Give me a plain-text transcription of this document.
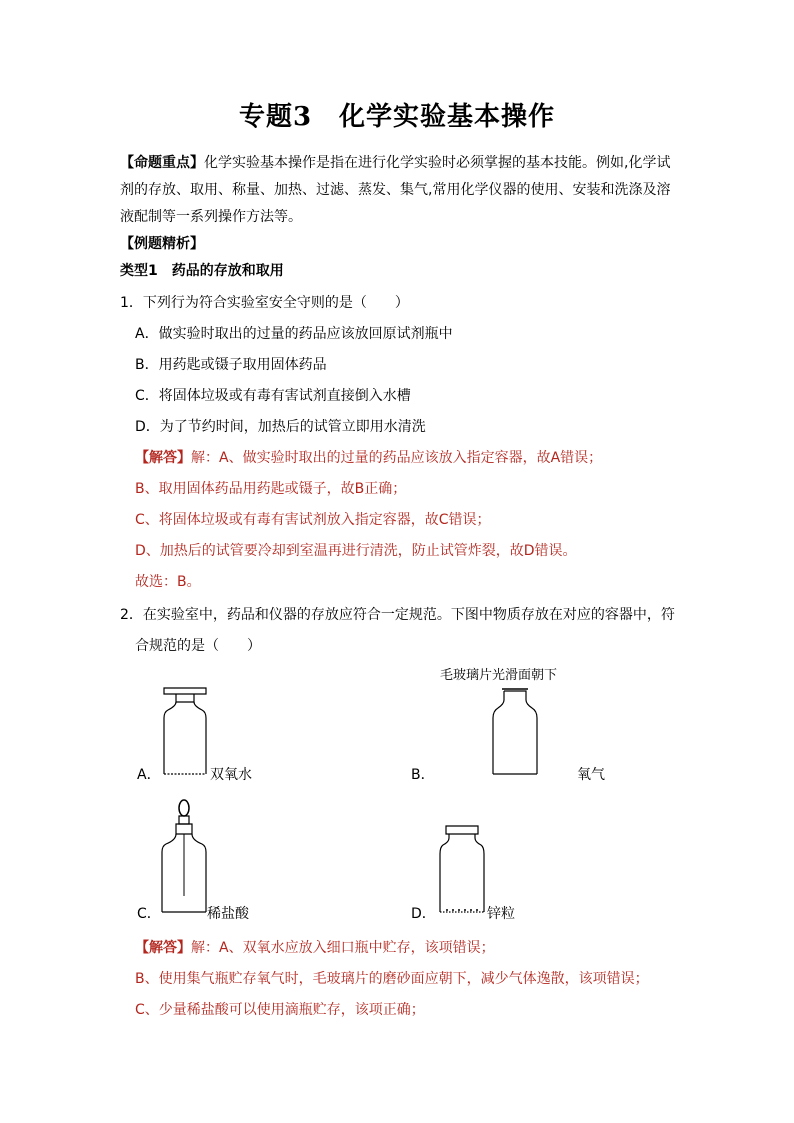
专题3　化学实验基本操作
【命题重点】化学实验基本操作是指在进行化学实验时必须掌握的基本技能。例如,化学试
剂的存放、取用、称量、加热、过滤、蒸发、集气,常用化学仪器的使用、安装和洗涤及溶
液配制等一系列操作方法等。
【例题精析】
类型1　药品的存放和取用
1．下列行为符合实验室安全守则的是（　　）
A．做实验时取出的过量的药品应该放回原试剂瓶中
B．用药匙或镊子取用固体药品
C．将固体垃圾或有毒有害试剂直接倒入水槽
D．为了节约时间，加热后的试管立即用水清洗
【解答】解：A、做实验时取出的过量的药品应该放入指定容器，故A错误；
B、取用固体药品用药匙或镊子，故B正确；
C、将固体垃圾或有毒有害试剂放入指定容器，故C错误；
D、加热后的试管要冷却到室温再进行清洗，防止试管炸裂，故D错误。
故选：B。
2．在实验室中，药品和仪器的存放应符合一定规范。下图中物质存放在对应的容器中，符
合规范的是（　　）
毛玻璃片光滑面朝下
A．	双氧水	B．	氧气
C．	稀盐酸	D．	锌粒
【解答】解：A、双氧水应放入细口瓶中贮存，该项错误；
B、使用集气瓶贮存氧气时，毛玻璃片的磨砂面应朝下，减少气体逸散，该项错误；
C、少量稀盐酸可以使用滴瓶贮存，该项正确；
